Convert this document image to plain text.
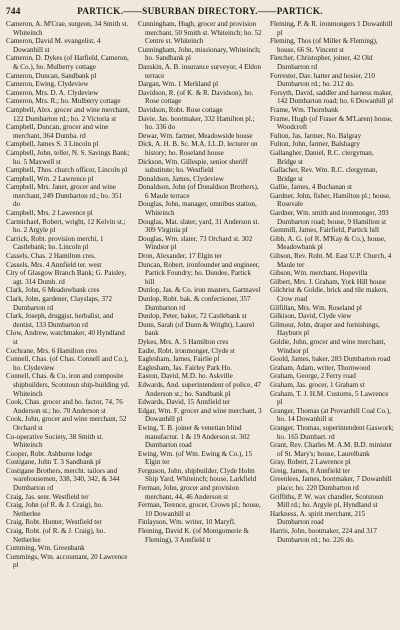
744	PARTICK.——SUBURBAN DIRECTORY.——PARTICK.

Cameron, A. M'Crae, surgeon, 34 Smith st. Whiteinch

Cameron, David M. evangelist, 4 Dowanhill st

Cameron, D. Dykes (of Hatfield, Cameron, & Co.), ho. Mulberry cottage

Cameron, Duncan, Sandbank pl

Cameron, Ewing, Clydeview

Cameron, Mrs. D. A. Clydeview

Cameron, Mrs. R.; ho. Mulberry cottage

Campbell, Alex. grocer and wine merchant, 122 Dumbarton rd.; ho. 2 Victoria st

Campbell, Duncan, grocer and wine merchant, 364 Dumba. rd

Campbell, James S. 3 Lincoln pl

Campbell, John, teller, N. S. Savings Bank; ho. 5 Maxwell st

Campbell, Thos. church officer, Lincoln pl

Campbell, Wm. 2 Lawrence pl

Campbell, Mrs. Janet, grocer and wine merchant, 249 Dumbarton rd.; ho. 351 do

Campbell, Mrs. 2 Lawrence pl

Carmichael, Robert, wright, 12 Kelvin st.; ho. 2 Argyle pl

Carrick, Robt. provision merchi, 1 Castlebank; ho. Lincoln pl

Cassels, Chas. 2 Hamilton cres.

Cassels, Mrs. 4 Annfield ter. west

City of Glasgow Branch Bank; G. Paisley, agt. 314 Dumb. rd

Clark, John, 6 Meadowbank cres

Clark, John, gardener, Clayslaps, 372 Dumbarton rd

Clark, Joseph, druggist, herbalist, and dentist, 133 Dumbarton rd

Clow, Andrew, watchmaker, 40 Hyndland st

Cochrane, Mrs. 6 Hamilton cres

Connell, Chas. (of Chas. Connell and Co.), ho. Clydeview

Connell, Chas. & Co. iron and composite shipbuilders, Scotstoun ship-building yd. Whiteinch

Cook, Chas. grocer and ho. factor, 74, 76 Anderson st.; ho. 70 Anderson st

Cook, John, grocer and wine merchant, 52 Orchard st

Co-operative Society, 38 Smith st. Whiteinch

Cooper, Robt. Ashburne lodge

Costigane, John T. 3 Sandbank pl

Costigane Brothers, mercht. tailors and warehousemen, 338, 340, 342, & 344 Dumbarton rd

Craig, Jas. senr. Westfield ter

Craig, John (of R. & J. Craig), ho. Netherlee

Craig, Robt. Hunter, Westfield ter

Craig, Robt. (of R. & J. Craig), ho. Netherlee

Cumming, Wm. Greenbank

Cummings, Wm. accountant, 20 Lawrence pl

Cunningham, Hugh, grocer and provision merchant, 50 Smith st. Whiteinch; ho. 52 Centre st. Whiteinch

Cunningham, John, missionary, Whiteinch; ho. Sandbank pl

Danskin, A. B. insurance surveyor, 4 Eldon terrace

Dargan, Wm. 1 Merkland pl

Davidson, R. (of K. & R. Davidson), ho. Rose cottage

Davidson, Robt. Rose cottage

Davie, Jas. bootmaker, 332 Hamilton pl.; ho. 336 do

Dewar, Wm. farmer, Meadowside house

Dick, A. H. B. Sc. M.A. LL.D. lecturer on history; ho. Roseland house

Dickson, Wm. Gillespie, senior sheriff substitute; ho. Westfield

Donaldson, James, Clydeview

Donaldson, John (of Donaldson Brothers), 6 Maule terrace

Douglas, John, manager, omnibus station, Whiteinch

Douglas, Mat. slater, yard, 31 Anderson st. 309 Virginia pl

Douglas, Wm. slater, 73 Orchard st. 302 Windsor pl

Dron, Alexander, 17 Elgin ter

Duncan, Robert, ironfounder and engineer, Partick Foundry; ho. Dundee, Partick hill

Dunlop, Jas. & Co. iron masters, Gartnavel

Dunlop, Robt. bak. & confectioner, 357 Dumbarton rd

Dunlop, Peter, baker, 72 Castlebank st

Dunn, Sarah (of Dunn & Wright), Laurel bank

Dykes, Mrs. A. 5 Hamilton cres

Eadie, Robt. ironmonger, Clyde st

Eaglesham, James, Fairlie pl

Eaglesham, Jas. Fairley Park Ho.

Easton, David, M.D. ho. Askville

Edwards, And. superintendent of police, 47 Anderson st.; ho. Sandbank pl

Edwards, David, 15 Annfield ter

Edgar, Wm. F. grocer and wine merchant, 3 Dowanhill pl

Ewing, T. B. joiner & venetian blind manufactur. 1 & 19 Anderson st. 302 Dumbarton road

Ewing, Wm. (of Wm. Ewing & Co.), 15 Elgin ter

Ferguson, John, shipbuilder, Clyde Holm Ship Yard, Whiteinch; house, Larkfield

Ferman, John, grocer and provision merchant, 44, 46 Anderson st

Ferman, Terence, grocer, Crown pl.; house, 10 Dowanhill st

Finlayson, Wm. writer, 10 Maryfl.

Fleming, David K. (of Montgomerie & Fleming), 3 Annfield tr

Fleming, P. & R. ironmongers 1 Dowanhill pl

Fleming, Thos (of Miller & Fleming), house, 66 St. Vincent st

Fletcher, Christopher, joiner, 42 Old Dumbarton rd

Forrester, Dav. hatter and hosier, 210 Dumbarton rd.; ho. 212 do.

Forsyth, David, saddler and harness maker, 142 Dumbarton road; ho. 6 Dowanhill pl

Frame, Wm. Thornbank

Frame, Hugh (of Fraser & M'Laren) house, Woodcroft

Fulton, Jas. farmer, No. Balgray

Fulton, John, farmer, Balshagry

Gallangher, Daniel, R.C. clergyman, Bridge st

Gallacher, Rev. Wm. R.C. clergyman, Bridge st

Gallie, James, 4 Buchanan st

Gardner, John, fisher, Hamilton pl.; house, Rosevale

Gardner, Wm. smith and ironmonger, 393 Dumbarton road; house, 9 Hamilton st

Gemmill, James, Fairfield, Partick hill

Gibb, A. G. (of R. M'Kay & Co.), house, Meadowbank pl

Gibson, Rev. Robt. M. East U.P. Church, 4 Maule ter

Gibson, Wm. merchant, Hopevilla

Gilbert, Mrs. J. Graham, York Hill house

Gilchrist & Goldie, brick and tile makers, Crow road

Gilfillan, Mrs. Wm. Roseland pl

Gilkison, David, Clyde view

Gilmour, John, draper and furnishings, Hayburn pl

Goldie, John, grocer and wine merchant, Windsor pl

Goold, James, baker, 283 Dumbarton road

Graham, Adam, writer, Thornwood

Graham, George, 2 Ferry road

Graham, Jas. grocer, 1 Graham st

Graham, T. J. H.M. Customs, 5 Lawrence pl

Granger, Thomas (at Provanhill Coal Co.), ho. 14 Dowanhill st

Granger, Thomas, superintendent Gaswork; ho. 165 Dumbart. rd

Grant, Rev. Charles M. A.M. B.D. minister of St. Mary's; house, Laurelbank

Gray, Robert, 2 Lawrence pl

Greig, James, 8 Annfield ter

Greenlees, James, bootmaker, 7 Dowanhill place; ho. 220 Dumbarton rd

Griffiths, P. W. wax chandler, Scotstoun Mill rd.; ho. Argyle pl, Hyndland st

Harkness, A. spirit merchant, 215 Dumbarton road

Harris, John, bootmaker, 224 and 317 Dumbarton rd.; ho. 226 do.
